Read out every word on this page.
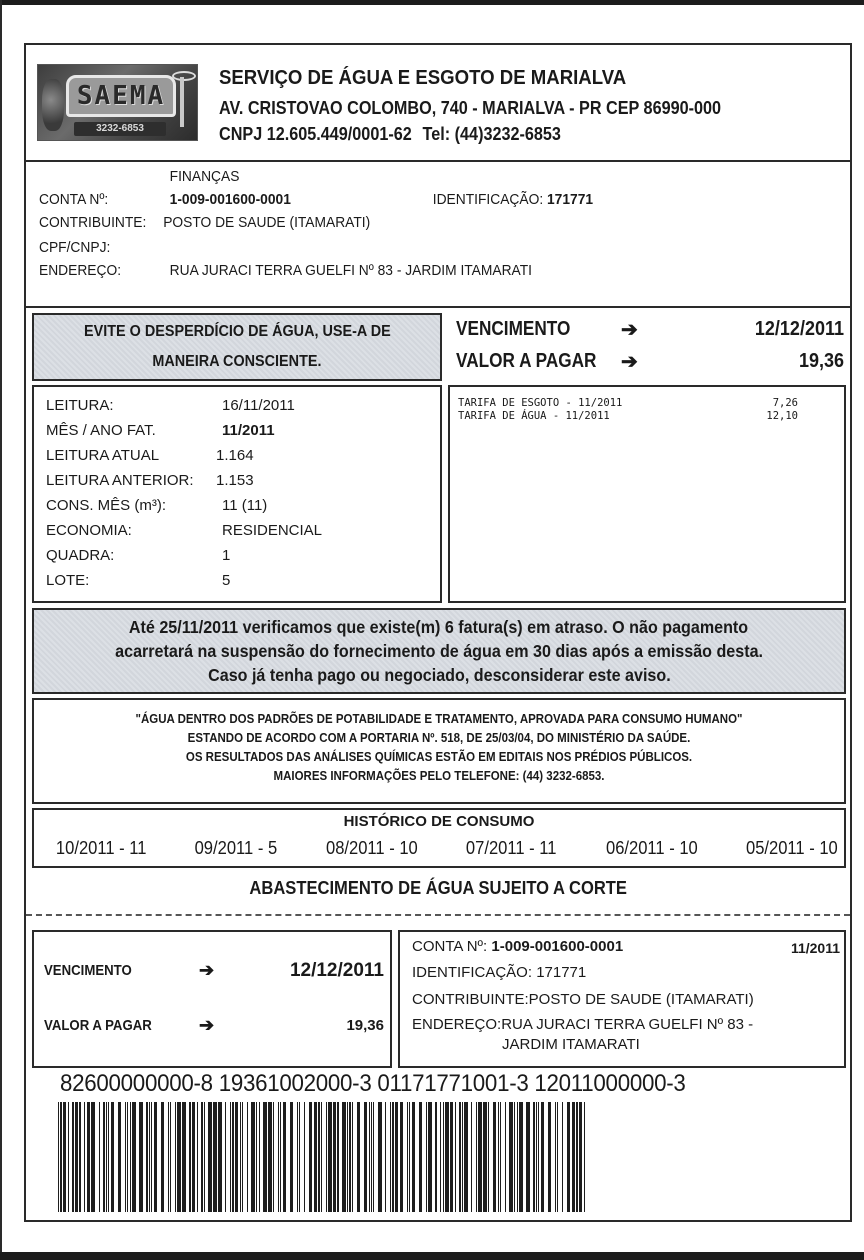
SAEMA
3232-6853
SERVIÇO DE ÁGUA E ESGOTO DE MARIALVA
AV. CRISTOVAO COLOMBO, 740 - MARIALVA - PR CEP 86990-000
CNPJ 12.605.449/0001-62 Tel: (44)3232-6853
FINANÇAS
CONTA Nº:	1-009-001600-0001	IDENTIFICAÇÃO: 171771
CONTRIBUINTE: POSTO DE SAUDE (ITAMARATI)
CPF/CNPJ:
ENDEREÇO:	RUA JURACI TERRA GUELFI Nº 83 - JARDIM ITAMARATI
EVITE O DESPERDÍCIO DE ÁGUA, USE-A DE
MANEIRA CONSCIENTE.
VENCIMENTO	➔	12/12/2011
VALOR A PAGAR ➔	19,36
LEITURA:	16/11/2011
MÊS / ANO FAT.	11/2011
LEITURA ATUAL	1.164
LEITURA ANTERIOR: 1.153
CONS. MÊS (m³):	11 (11)
ECONOMIA:	RESIDENCIAL
QUADRA:	1
LOTE:	5
TARIFA DE ESGOTO - 11/2011	7,26
TARIFA DE ÁGUA - 11/2011	12,10
Até 25/11/2011 verificamos que existe(m) 6 fatura(s) em atraso. O não pagamento
acarretará na suspensão do fornecimento de água em 30 dias após a emissão desta.
Caso já tenha pago ou negociado, desconsiderar este aviso.
"ÁGUA DENTRO DOS PADRÕES DE POTABILIDADE E TRATAMENTO, APROVADA PARA CONSUMO HUMANO"
ESTANDO DE ACORDO COM A PORTARIA Nº. 518, DE 25/03/04, DO MINISTÉRIO DA SAÚDE.
OS RESULTADOS DAS ANÁLISES QUÍMICAS ESTÃO EM EDITAIS NOS PRÉDIOS PÚBLICOS.
MAIORES INFORMAÇÕES PELO TELEFONE: (44) 3232-6853.
HISTÓRICO DE CONSUMO
10/2011 - 11	09/2011 - 5	08/2011 - 10	07/2011 - 11	06/2011 - 10	05/2011 - 10
ABASTECIMENTO DE ÁGUA SUJEITO A CORTE
VENCIMENTO	➔	12/12/2011
VALOR A PAGAR	➔	19,36
CONTA Nº: 1-009-001600-0001	11/2011
IDENTIFICAÇÃO: 171771
CONTRIBUINTE:POSTO DE SAUDE (ITAMARATI)
ENDEREÇO:RUA JURACI TERRA GUELFI Nº 83 -
JARDIM ITAMARATI
82600000000-8 19361002000-3 01171771001-3 12011000000-3
